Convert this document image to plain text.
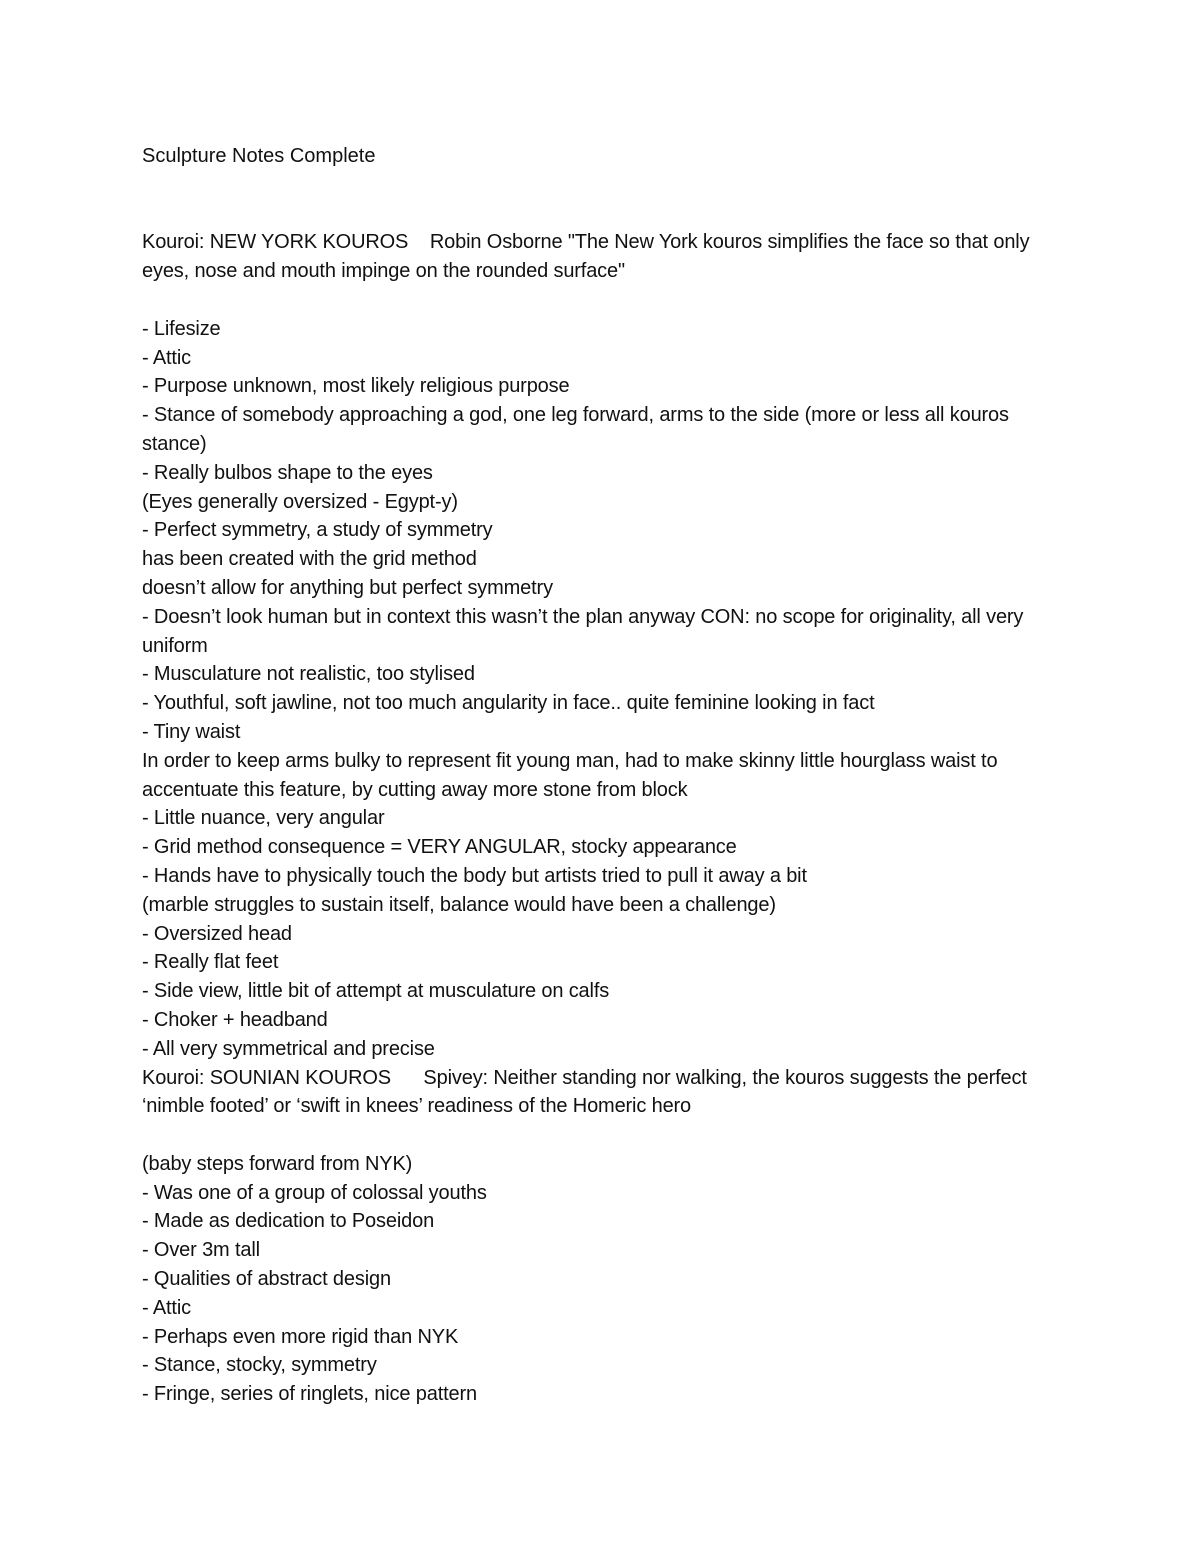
Sculpture Notes Complete
Kouroi: NEW YORK KOUROS    Robin Osborne "The New York kouros simplifies the face so that only eyes, nose and mouth impinge on the rounded surface"
- Lifesize
- Attic
- Purpose unknown, most likely religious purpose
- Stance of somebody approaching a god, one leg forward, arms to the side (more or less all kouros stance)
- Really bulbos shape to the eyes
(Eyes generally oversized - Egypt-y)
- Perfect symmetry, a study of symmetry
has been created with the grid method
doesn’t allow for anything but perfect symmetry
- Doesn’t look human but in context this wasn’t the plan anyway CON: no scope for originality, all very uniform
- Musculature not realistic, too stylised
- Youthful, soft jawline, not too much angularity in face.. quite feminine looking in fact
- Tiny waist
In order to keep arms bulky to represent fit young man, had to make skinny little hourglass waist to accentuate this feature, by cutting away more stone from block
- Little nuance, very angular
- Grid method consequence = VERY ANGULAR, stocky appearance
- Hands have to physically touch the body but artists tried to pull it away a bit
(marble struggles to sustain itself, balance would have been a challenge)
- Oversized head
- Really flat feet
- Side view, little bit of attempt at musculature on calfs
- Choker + headband
- All very symmetrical and precise
Kouroi: SOUNIAN KOUROS      Spivey: Neither standing nor walking, the kouros suggests the perfect ‘nimble footed’ or ‘swift in knees’ readiness of the Homeric hero
(baby steps forward from NYK)
- Was one of a group of colossal youths
- Made as dedication to Poseidon
- Over 3m tall
- Qualities of abstract design
- Attic
- Perhaps even more rigid than NYK
- Stance, stocky, symmetry
- Fringe, series of ringlets, nice pattern
